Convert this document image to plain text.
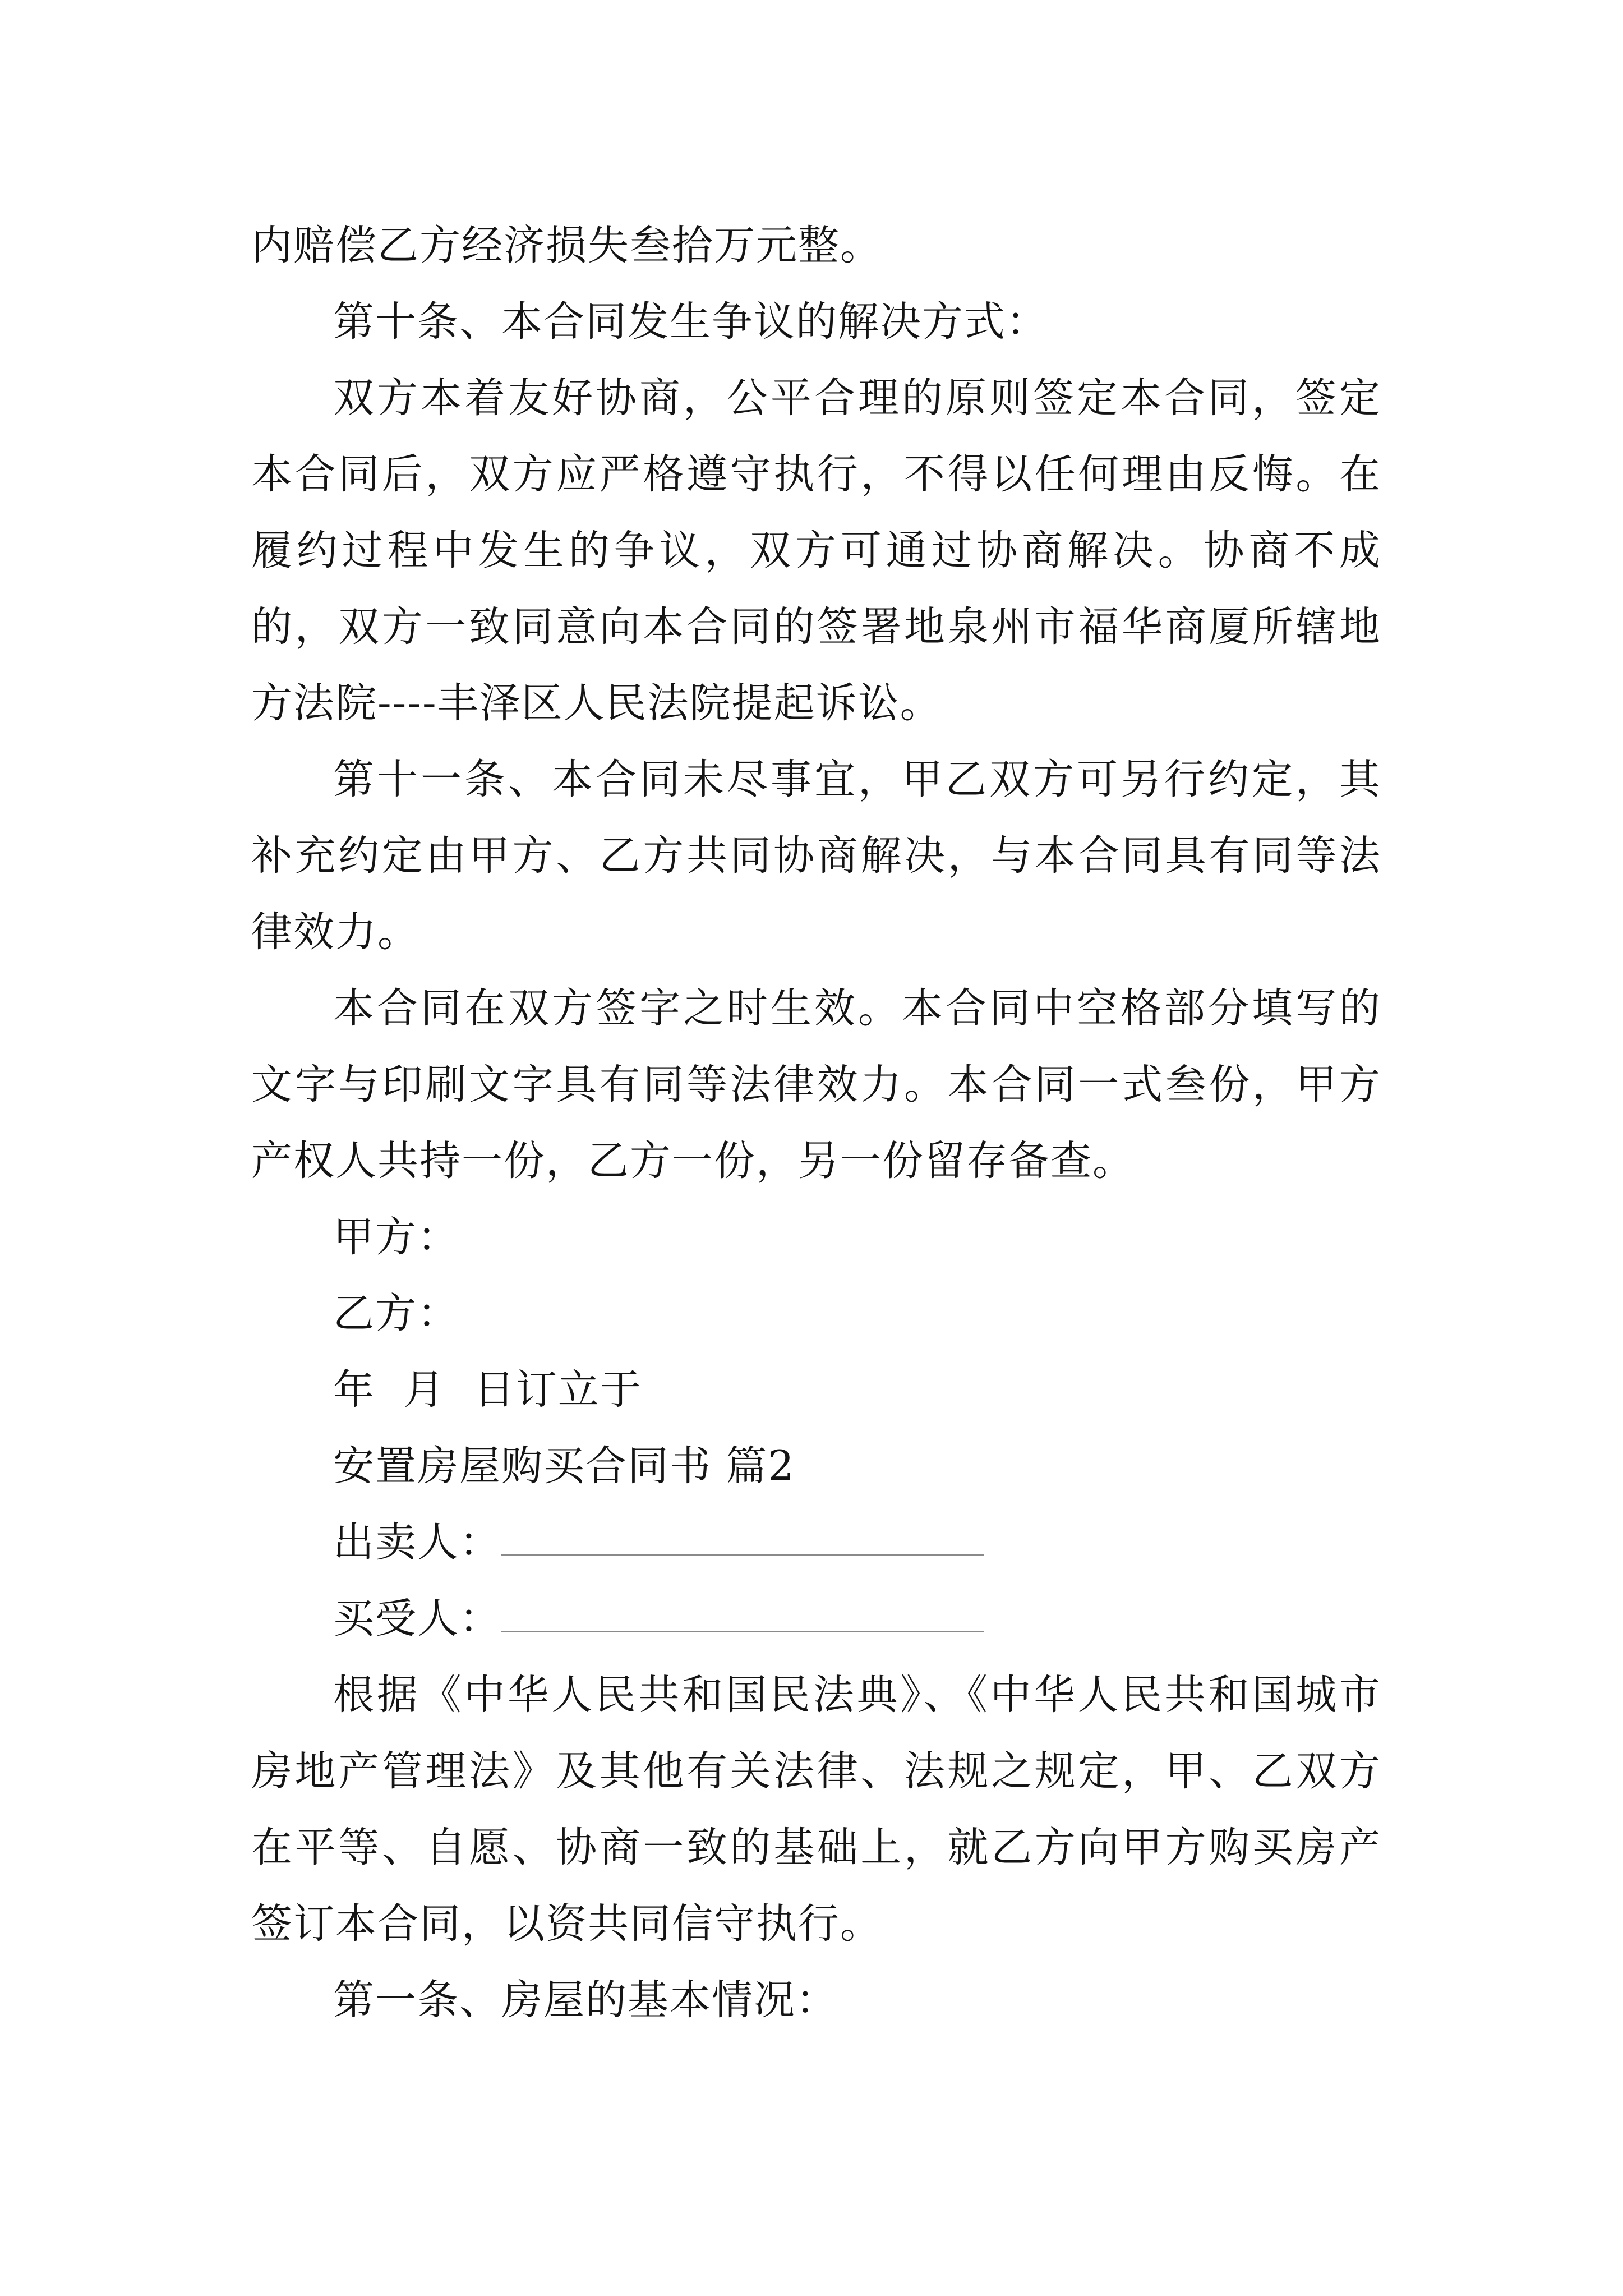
内赔偿乙方经济损失叁拾万元整。

第十条、本合同发生争议的解决方式：

双方本着友好协商，公平合理的原则签定本合同，签定本合同后，双方应严格遵守执行，不得以任何理由反悔。在履约过程中发生的争议，双方可通过协商解决。协商不成的，双方一致同意向本合同的签署地泉州市福华商厦所辖地方法院----丰泽区人民法院提起诉讼。

第十一条、本合同未尽事宜，甲乙双方可另行约定，其补充约定由甲方、乙方共同协商解决，与本合同具有同等法律效力。

本合同在双方签字之时生效。本合同中空格部分填写的文字与印刷文字具有同等法律效力。本合同一式叁份，甲方产权人共持一份，乙方一份，另一份留存备查。

甲方：

乙方：

年  月  日订立于

安置房屋购买合同书 篇2

出卖人：

买受人：

根据《中华人民共和国民法典》、《中华人民共和国城市房地产管理法》及其他有关法律、法规之规定，甲、乙双方在平等、自愿、协商一致的基础上，就乙方向甲方购买房产签订本合同，以资共同信守执行。

第一条、房屋的基本情况：
